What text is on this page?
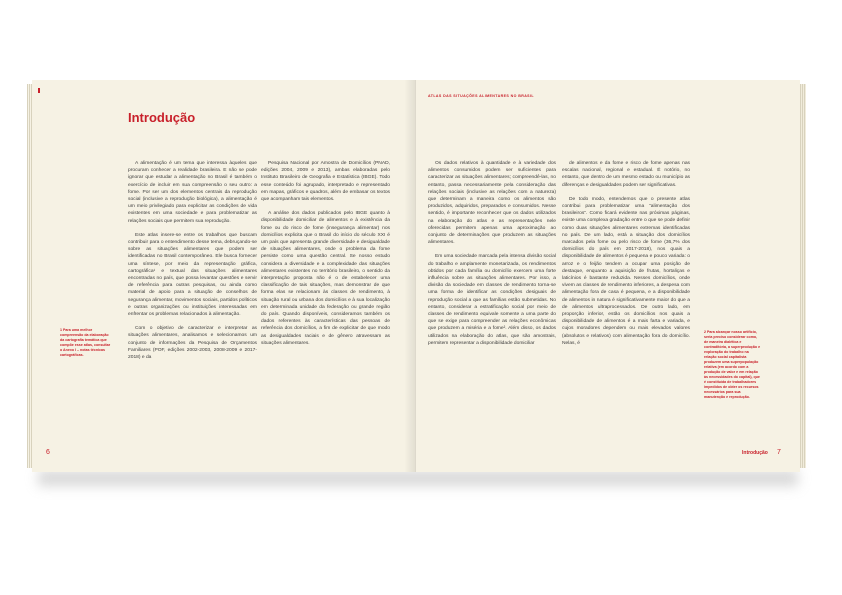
Introdução
1 Para uma melhor compreensão da elaboração da cartografia temática que compõe esse atlas, consultar o Anexo I – notas técnicas cartográficas.

A alimentação é um tema que interessa àqueles que procuram conhecer a realidade brasileira. E não se pode ignorar que estudar a alimentação no Brasil é também o exercício de incluir em sua compreensão o seu outro: a fome. Por ser um dos elementos centrais da reprodução social (inclusive a reprodução biológica), a alimentação é um meio privilegiado para explicitar as condições de vida existentes em uma sociedade e para problematizar as relações sociais que permitem sua reprodução.

Este atlas insere-se entre os trabalhos que buscam contribuir para o entendimento desse tema, debruçando-se sobre as situações alimentares que podem ser identificadas no Brasil contemporâneo. Ele busca fornecer uma síntese, por meio da representação gráfica, cartográfica¹ e textual das situações alimentares encontradas no país, que possa levantar questões e servir de referência para outras pesquisas, ou ainda como material de apoio para a situação de conselhos de segurança alimentar, movimentos sociais, partidos políticos e outras organizações ou instituições interessadas em enfrentar os problemas relacionados à alimentação.

Com o objetivo de caracterizar e interpretar as situações alimentares, analisamos e selecionamos um conjunto de informações da Pesquisa de Orçamentos Familiares (POF, edições 2002-2003, 2008-2009 e 2017-2018) e da

Pesquisa Nacional por Amostra de Domicílios (PNAD, edições 2004, 2009 e 2013), ambas elaboradas pelo Instituto Brasileiro de Geografia e Estatística (IBGE). Todo esse conteúdo foi agrupado, interpretado e representado em mapas, gráficos e quadros, além de embasar os textos que acompanham tais elementos.

A análise dos dados publicados pelo IBGE quanto à disponibilidade domiciliar de alimentos e à existência da fome ou do risco de fome (insegurança alimentar) nos domicílios explicita que o Brasil do início do século XXI é um país que apresenta grande diversidade e desigualdade de situações alimentares, onde o problema da fome persiste como uma questão central. Se nosso estudo considera a diversidade e a complexidade das situações alimentares existentes no território brasileiro, o sentido da interpretação proposta não é o de estabelecer uma classificação de tais situações, mas demonstrar de que forma elas se relacionam às classes de rendimento, à situação rural ou urbana dos domicílios e à sua localização em determinada unidade da federação ou grande região do país. Quando disponíveis, consideramos também os dados referentes às características das pessoas de referência dos domicílios, a fim de explicitar de que modo as desigualdades raciais e de gênero atravessam as situações alimentares.

6
ATLAS DAS SITUAÇÕES ALIMENTARES NO BRASIL

Os dados relativos à quantidade e à variedade dos alimentos consumidos podem ser suficientes para caracterizar as situações alimentares; compreendê-las, no entanto, passa necessariamente pela consideração das relações sociais (inclusive as relações com a natureza) que determinam a maneira como os alimentos são produzidos, adquiridos, preparados e consumidos. Nesse sentido, é importante reconhecer que os dados utilizados na elaboração do atlas e as representações nele oferecidas permitem apenas uma aproximação ao conjunto de determinações que produzem as situações alimentares.

Em uma sociedade marcada pela intensa divisão social do trabalho e amplamente monetarizada, os rendimentos obtidos por cada família ou domicílio exercem uma forte influência sobre as situações alimentares. Por isso, a divisão da sociedade em classes de rendimento torna-se uma forma de identificar as condições desiguais de reprodução social a que as famílias estão submetidas. No entanto, considerar a estratificação social por meio de classes de rendimento equivale somente a uma parte do que se exige para compreender as relações econômicas que produzem a miséria e a fome². Além disso, os dados utilizados na elaboração do atlas, que são amostrais, permitem representar a disponibilidade domiciliar

de alimentos e da fome e risco de fome apenas nas escalas nacional, regional e estadual. É notório, no entanto, que dentro de um mesmo estado ou município as diferenças e desigualdades podem ser significativas.

De todo modo, entendemos que o presente atlas contribui para problematizar uma “alimentação dos brasileiros”. Como ficará evidente nas próximas páginas, existe uma complexa gradação entre o que se pode definir como duas situações alimentares extremas identificadas no país. De um lado, está a situação dos domicílios marcados pela fome ou pelo risco de fome (36,7% dos domicílios do país em 2017-2018), nos quais a disponibilidade de alimentos é pequena e pouco variada: o arroz e o feijão tendem a ocupar uma posição de destaque, enquanto a aquisição de frutas, hortaliças e laticínios é bastante reduzida. Nesses domicílios, onde vivem as classes de rendimento inferiores, a despesa com alimentação fora de casa é pequena, e a disponibilidade de alimentos in natura é significativamente maior do que a de alimentos ultraprocessados. De outro lado, em proporção inferior, estão os domicílios nos quais a disponibilidade de alimentos é a mais farta e variada, e cujos moradores dependem ou mais elevados valores (absolutos e relativos) com alimentação fora do domicílio. Nelas, é

2 Para alcançar nosso artifício, seria preciso considerar como, de maneira dialética e contraditória, a superprodução e exploração do trabalho na relação social capitalista produzem uma superpopulação relativa (em acordo com a produção de valor e em relação às necessidades do capital), que é constituída de trabalhadores impedidos de obter os recursos necessários para sua manutenção e reprodução.
Introdução 7
